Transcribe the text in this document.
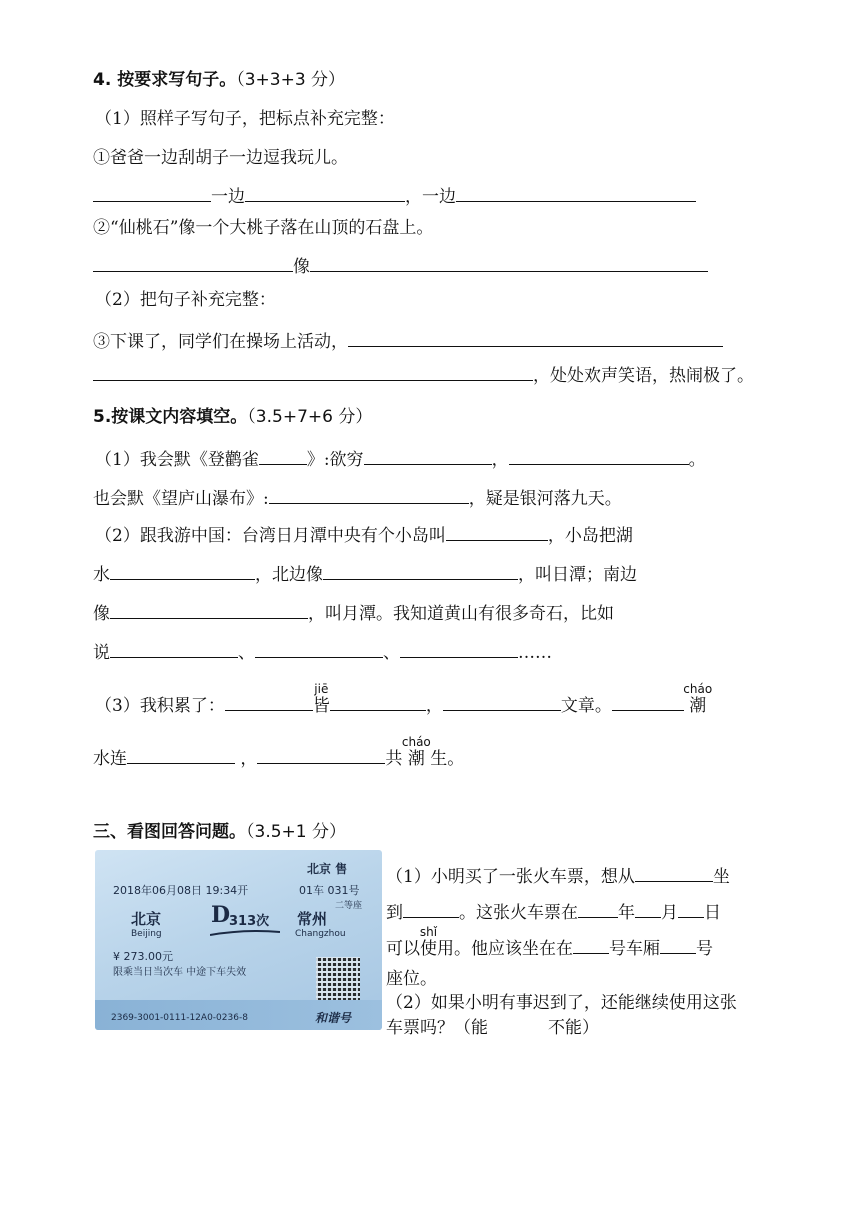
4. 按要求写句子。（3+3+3 分）
（1）照样子写句子，把标点补充完整：
①爸爸一边刮胡子一边逗我玩儿。
一边	，一边
②“仙桃石”像一个大桃子落在山顶的石盘上。
像
（2）把句子补充完整：
③下课了，同学们在操场上活动，
，处处欢声笑语，热闹极了。
5.按课文内容填空。（3.5+7+6 分）
（1）我会默《登鹳雀	》:欲穷	，	。
也会默《望庐山瀑布》:	，疑是银河落九天。
（2）跟我游中国：台湾日月潭中央有个小岛叫	，小岛把湖
水	，北边像	，叫日潭；南边
像	，叫月潭。我知道黄山有很多奇石，比如
说	、	、	……
（3）我积累了：
jiē
皆	，	文章。
cháo
潮
水连	，	共
cháo
潮 生。
三、看图回答问题。（3.5+1 分）
北京 售
2018年06月08日 19:34开	01车 031号
二等座
北京
Beijing
D
313次 常州
Changzhou
¥ 273.00元
限乘当日当次车 中途下车失效
2369-3001-0111-12A0-0236-8	和谐号
（1）小明买了一张火车票，想从	坐
到	。这张火车票在 年 月 日
可以
shǐ
使用。他应该坐在在 号车厢 号
座位。
（2）如果小明有事迟到了，还能继续使用这张
车票吗？（能	不能）
